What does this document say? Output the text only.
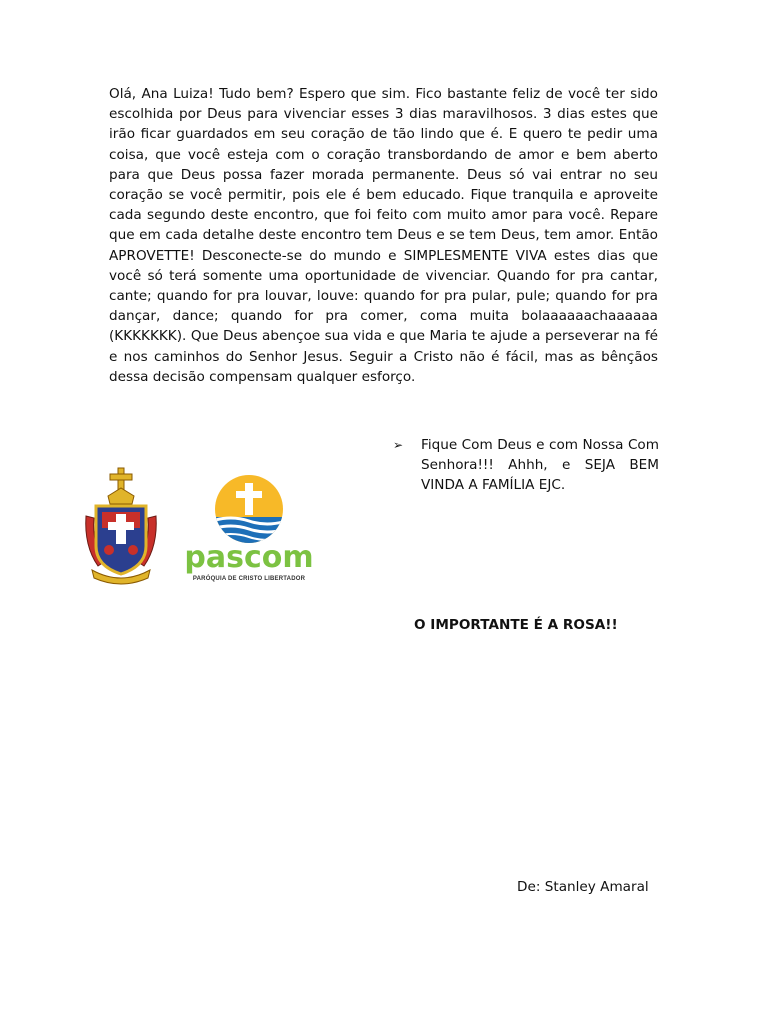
Olá, Ana Luiza! Tudo bem? Espero que sim. Fico bastante feliz de você ter sido escolhida por Deus para vivenciar esses 3 dias maravilhosos. 3 dias estes que irão ficar guardados em seu coração de tão lindo que é. E quero te pedir uma coisa, que você esteja com o coração transbordando de amor e bem aberto para que Deus possa fazer morada permanente. Deus só vai entrar no seu coração se você permitir, pois ele é bem educado. Fique tranquila e aproveite cada segundo deste encontro, que foi feito com muito amor para você. Repare que em cada detalhe deste encontro tem Deus e se tem Deus, tem amor. Então APROVETTE! Desconecte-se do mundo e SIMPLESMENTE VIVA estes dias que você só terá somente uma oportunidade de vivenciar. Quando for pra cantar, cante; quando for pra louvar, louve: quando for pra pular, pule; quando for pra dançar, dance; quando for pra comer, coma muita bolaaaaaachaaaaaa (KKKKKKK). Que Deus abençoe sua vida e que Maria te ajude a perseverar na fé e nos caminhos do Senhor Jesus. Seguir a Cristo não é fácil, mas as bênçãos dessa decisão compensam qualquer esforço.

➢ Fique Com Deus e com Nossa Com Senhora!!! Ahhh, e SEJA BEM VINDA A FAMÍLIA EJC.
pascom
PARÓQUIA DE CRISTO LIBERTADOR
O IMPORTANTE É A ROSA!!
De: Stanley Amaral
